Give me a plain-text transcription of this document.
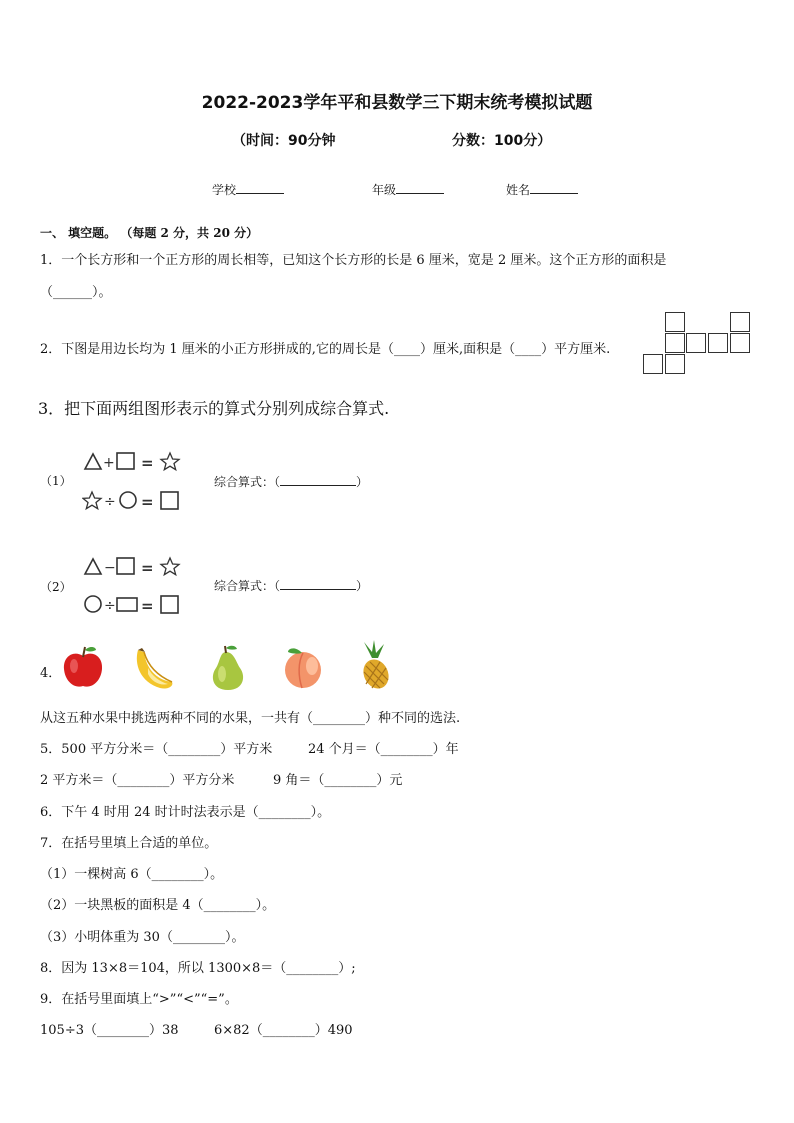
2022-2023学年平和县数学三下期末统考模拟试题
（时间：90分钟	分数：100分）
学校	年级	姓名
一、 填空题。 （每题 2 分，共 20 分）
1．一个长方形和一个正方形的周长相等，已知这个长方形的长是 6 厘米，宽是 2 厘米。这个正方形的面积是
（______）。
2．下图是用边长均为 1 厘米的小正方形拼成的,它的周长是（____）厘米,面积是（____）平方厘米.
3．把下面两组图形表示的算式分别列成综合算式.
（1）
+ =
÷ =
综合算式：（	）
（2）
− =
÷ =
综合算式：（	）
4．
从这五种水果中挑选两种不同的水果，一共有（________）种不同的选法.
5．500 平方分米＝（________）平方米	24 个月＝（________）年
2 平方米＝（________）平方分米	9 角＝（________）元
6．下午 4 时用 24 时计时法表示是（________）。
7．在括号里填上合适的单位。
（1）一棵树高 6（________）。
（2）一块黑板的面积是 4（________）。
（3）小明体重为 30（________）。
8．因为 13×8＝104，所以 1300×8＝（________）;
9．在括号里面填上“>”“<”“=”。
105÷3（________）38	6×82（________）490
